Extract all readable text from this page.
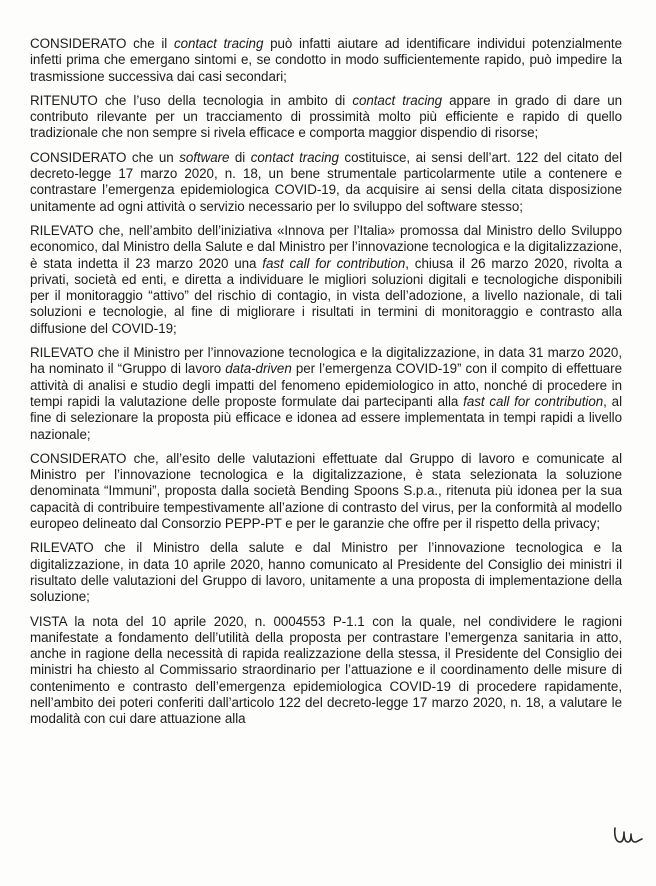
CONSIDERATO che il contact tracing può infatti aiutare ad identificare individui potenzialmente infetti prima che emergano sintomi e, se condotto in modo sufficientemente rapido, può impedire la trasmissione successiva dai casi secondari;

RITENUTO che l’uso della tecnologia in ambito di contact tracing appare in grado di dare un contributo rilevante per un tracciamento di prossimità molto più efficiente e rapido di quello tradizionale che non sempre si rivela efficace e comporta maggior dispendio di risorse;

CONSIDERATO che un software di contact tracing costituisce, ai sensi dell’art. 122 del citato del decreto-legge 17 marzo 2020, n. 18, un bene strumentale particolarmente utile a contenere e contrastare l’emergenza epidemiologica COVID-19, da acquisire ai sensi della citata disposizione unitamente ad ogni attività o servizio necessario per lo sviluppo del software stesso;

RILEVATO che, nell’ambito dell’iniziativa «Innova per l’Italia» promossa dal Ministro dello Sviluppo economico, dal Ministro della Salute e dal Ministro per l’innovazione tecnologica e la digitalizzazione, è stata indetta il 23 marzo 2020 una fast call for contribution, chiusa il 26 marzo 2020, rivolta a privati, società ed enti, e diretta a individuare le migliori soluzioni digitali e tecnologiche disponibili per il monitoraggio “attivo” del rischio di contagio, in vista dell’adozione, a livello nazionale, di tali soluzioni e tecnologie, al fine di migliorare i risultati in termini di monitoraggio e contrasto alla diffusione del COVID-19;

RILEVATO che il Ministro per l’innovazione tecnologica e la digitalizzazione, in data 31 marzo 2020, ha nominato il “Gruppo di lavoro data-driven per l’emergenza COVID-19” con il compito di effettuare attività di analisi e studio degli impatti del fenomeno epidemiologico in atto, nonché di procedere in tempi rapidi la valutazione delle proposte formulate dai partecipanti alla fast call for contribution, al fine di selezionare la proposta più efficace e idonea ad essere implementata in tempi rapidi a livello nazionale;

CONSIDERATO che, all’esito delle valutazioni effettuate dal Gruppo di lavoro e comunicate al Ministro per l’innovazione tecnologica e la digitalizzazione, è stata selezionata la soluzione denominata “Immuni”, proposta dalla società Bending Spoons S.p.a., ritenuta più idonea per la sua capacità di contribuire tempestivamente all’azione di contrasto del virus, per la conformità al modello europeo delineato dal Consorzio PEPP-PT e per le garanzie che offre per il rispetto della privacy;

RILEVATO che il Ministro della salute e dal Ministro per l’innovazione tecnologica e la digitalizzazione, in data 10 aprile 2020, hanno comunicato al Presidente del Consiglio dei ministri il risultato delle valutazioni del Gruppo di lavoro, unitamente a una proposta di implementazione della soluzione;

VISTA la nota del 10 aprile 2020, n. 0004553 P-1.1 con la quale, nel condividere le ragioni manifestate a fondamento dell’utilità della proposta per contrastare l’emergenza sanitaria in atto, anche in ragione della necessità di rapida realizzazione della stessa, il Presidente del Consiglio dei ministri ha chiesto al Commissario straordinario per l’attuazione e il coordinamento delle misure di contenimento e contrasto dell’emergenza epidemiologica COVID-19 di procedere rapidamente, nell’ambito dei poteri conferiti dall’articolo 122 del decreto-legge 17 marzo 2020, n. 18, a valutare le modalità con cui dare attuazione alla
